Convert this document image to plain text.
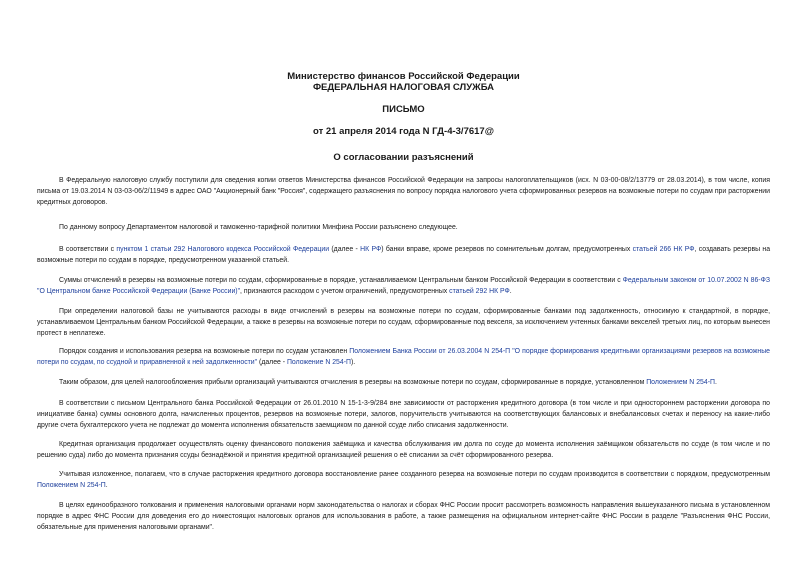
Министерство финансов Российской Федерации
ФЕДЕРАЛЬНАЯ НАЛОГОВАЯ СЛУЖБА
ПИСЬМО
от 21 апреля 2014 года N ГД-4-3/7617@
О согласовании разъяснений

В Федеральную налоговую службу поступили для сведения копии ответов Министерства финансов Российской Федерации на запросы налогоплательщиков (исх. N 03-00-08/2/13779 от 28.03.2014), в том числе, копия письма от 19.03.2014 N 03-03-06/2/11949 в адрес ОАО "Акционерный банк "Россия", содержащего разъяснения по вопросу порядка налогового учета сформированных резервов на возможные потери по ссудам при расторжении кредитных договоров.

По данному вопросу Департаментом налоговой и таможенно-тарифной политики Минфина России разъяснено следующее.

В соответствии с пунктом 1 статьи 292 Налогового кодекса Российской Федерации (далее - НК РФ) банки вправе, кроме резервов по сомнительным долгам, предусмотренных статьей 266 НК РФ, создавать резервы на возможные потери по ссудам в порядке, предусмотренном указанной статьей.

Суммы отчислений в резервы на возможные потери по ссудам, сформированные в порядке, устанавливаемом Центральным банком Российской Федерации в соответствии с Федеральным законом от 10.07.2002 N 86-ФЗ "О Центральном банке Российской Федерации (Банке России)", признаются расходом с учетом ограничений, предусмотренных статьей 292 НК РФ.

При определении налоговой базы не учитываются расходы в виде отчислений в резервы на возможные потери по ссудам, сформированные банками под задолженность, относимую к стандартной, в порядке, устанавливаемом Центральным банком Российской Федерации, а также в резервы на возможные потери по ссудам, сформированные под векселя, за исключением учтенных банками векселей третьих лиц, по которым вынесен протест в неплатеже.

Порядок создания и использования резерва на возможные потери по ссудам установлен Положением Банка России от 26.03.2004 N 254-П "О порядке формирования кредитными организациями резервов на возможные потери по ссудам, по ссудной и приравненной к ней задолженности" (далее - Положение N 254-П).

Таким образом, для целей налогообложения прибыли организаций учитываются отчисления в резервы на возможные потери по ссудам, сформированные в порядке, установленном Положением N 254-П.

В соответствии с письмом Центрального банка Российской Федерации от 26.01.2010 N 15-1-3-9/284 вне зависимости от расторжения кредитного договора (в том числе и при одностороннем расторжении договора по инициативе банка) суммы основного долга, начисленных процентов, резервов на возможные потери, залогов, поручительств учитываются на соответствующих балансовых и внебалансовых счетах и переносу на какие-либо другие счета бухгалтерского учета не подлежат до момента исполнения обязательств заемщиком по данной ссуде либо списания задолженности.

Кредитная организация продолжает осуществлять оценку финансового положения заёмщика и качества обслуживания им долга по ссуде до момента исполнения заёмщиком обязательств по ссуде (в том числе и по решению суда) либо до момента признания ссуды безнадёжной и принятия кредитной организацией решения о её списании за счёт сформированного резерва.

Учитывая изложенное, полагаем, что в случае расторжения кредитного договора восстановление ранее созданного резерва на возможные потери по ссудам производится в соответствии с порядком, предусмотренным Положением N 254-П.

В целях единообразного толкования и применения налоговыми органами норм законодательства о налогах и сборах ФНС России просит рассмотреть возможность направления вышеуказанного письма в установленном порядке в адрес ФНС России для доведения его до нижестоящих налоговых органов для использования в работе, а также размещения на официальном интернет-сайте ФНС России в разделе "Разъяснения ФНС России, обязательные для применения налоговыми органами".
